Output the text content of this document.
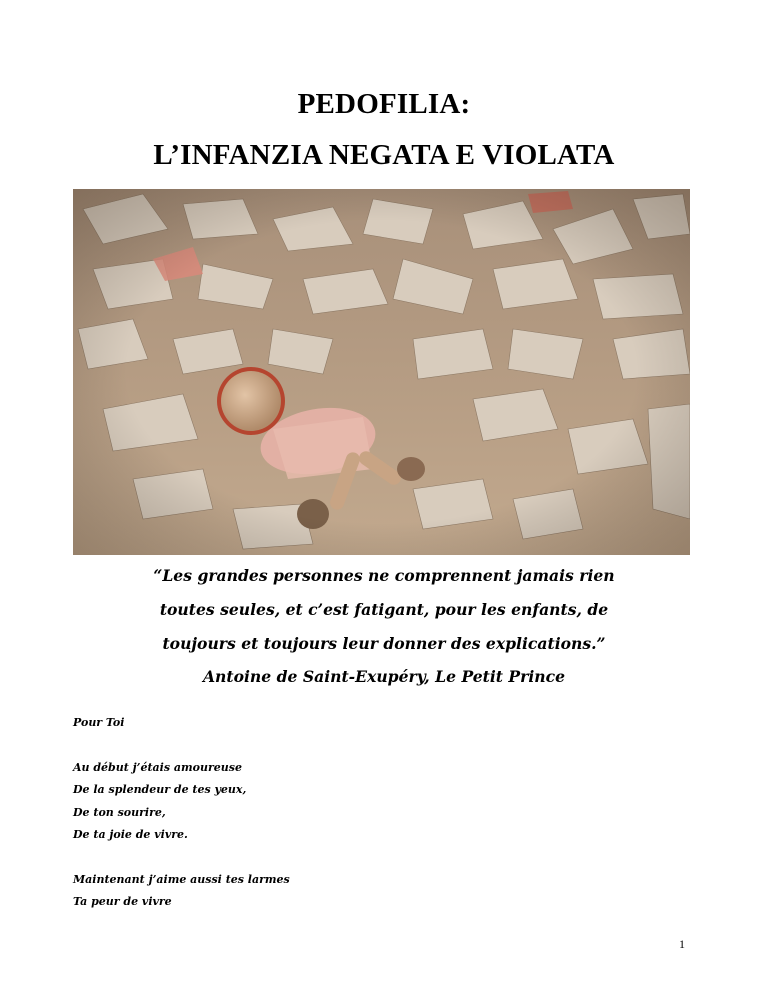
PEDOFILIA:
L’INFANZIA NEGATA E VIOLATA

“Les grandes personnes ne comprennent jamais rien

toutes seules, et c’est fatigant, pour les enfants, de

toujours et toujours leur donner des explications.”

Antoine de Saint-Exupéry, Le Petit Prince

Pour Toi

Au début j’étais amoureuse

De la splendeur de tes yeux,

De ton sourire,

De ta joie de vivre.

Maintenant j’aime aussi tes larmes

Ta peur de vivre

1
